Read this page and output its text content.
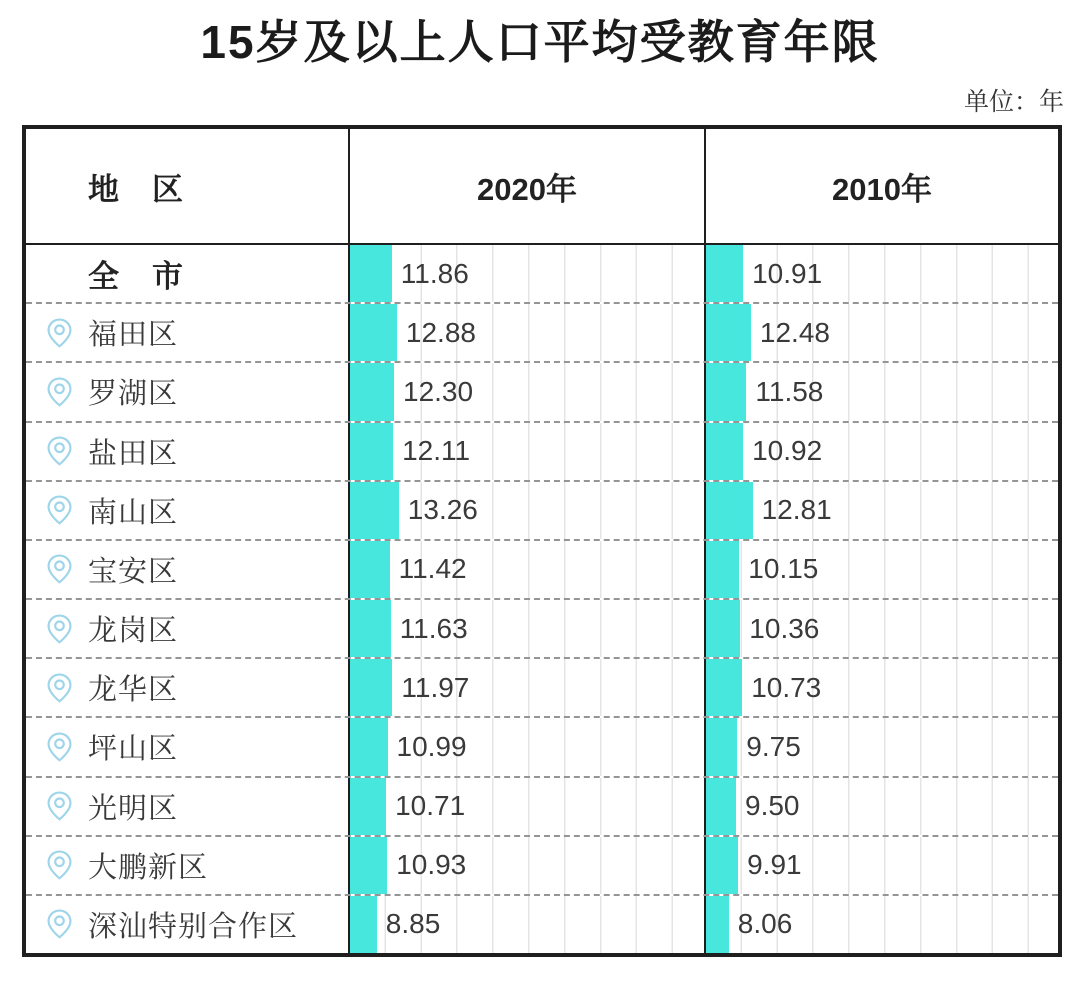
15岁及以上人口平均受教育年限
单位：年
地　区	2020年	2010年
全　市	11.86	10.91
福田区	12.88	12.48
罗湖区	12.30	11.58
盐田区	12.11	10.92
南山区	13.26	12.81
宝安区	11.42	10.15
龙岗区	11.63	10.36
龙华区	11.97	10.73
坪山区	10.99	9.75
光明区	10.71	9.50
大鹏新区	10.93	9.91
深汕特别合作区	8.85	8.06
